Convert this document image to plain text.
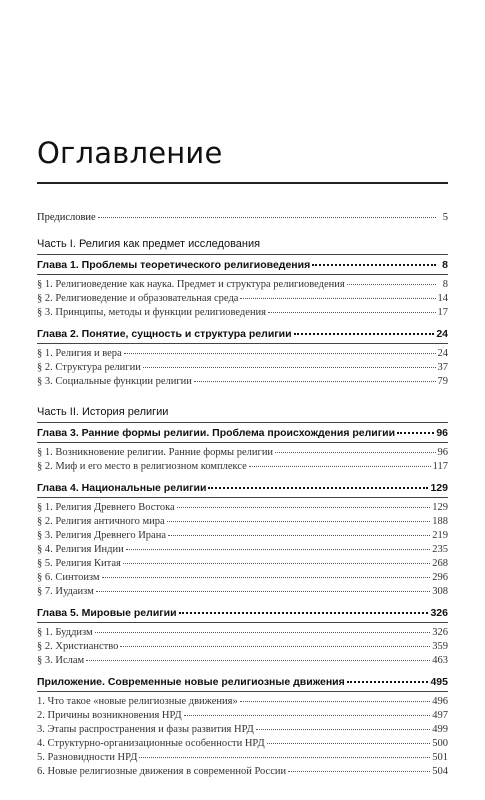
Оглавление
Предисловие	5
Часть I. Религия как предмет исследования
Глава 1. Проблемы теоретического религиоведения	8
§ 1. Религиоведение как наука. Предмет и структура религиоведения	8
§ 2. Религиоведение и образовательная среда	14
§ 3. Принципы, методы и функции религиоведения	17
Глава 2. Понятие, сущность и структура религии	24
§ 1. Религия и вера	24
§ 2. Структура религии	37
§ 3. Социальные функции религии	79
Часть II. История религии
Глава 3. Ранние формы религии. Проблема происхождения религии	96
§ 1. Возникновение религии. Ранние формы религии	96
§ 2. Миф и его место в религиозном комплексе	117
Глава 4. Национальные религии	129
§ 1. Религия Древнего Востока	129
§ 2. Религия античного мира	188
§ 3. Религия Древнего Ирана	219
§ 4. Религия Индии	235
§ 5. Религия Китая	268
§ 6. Синтоизм	296
§ 7. Иудаизм	308
Глава 5. Мировые религии	326
§ 1. Буддизм	326
§ 2. Христианство	359
§ 3. Ислам	463
Приложение. Современные новые религиозные движения	495
1. Что такое «новые религиозные движения»	496
2. Причины возникновения НРД	497
3. Этапы распространения и фазы развития НРД	499
4. Структурно-организационные особенности НРД	500
5. Разновидности НРД	501
6. Новые религиозные движения в современной России	504
